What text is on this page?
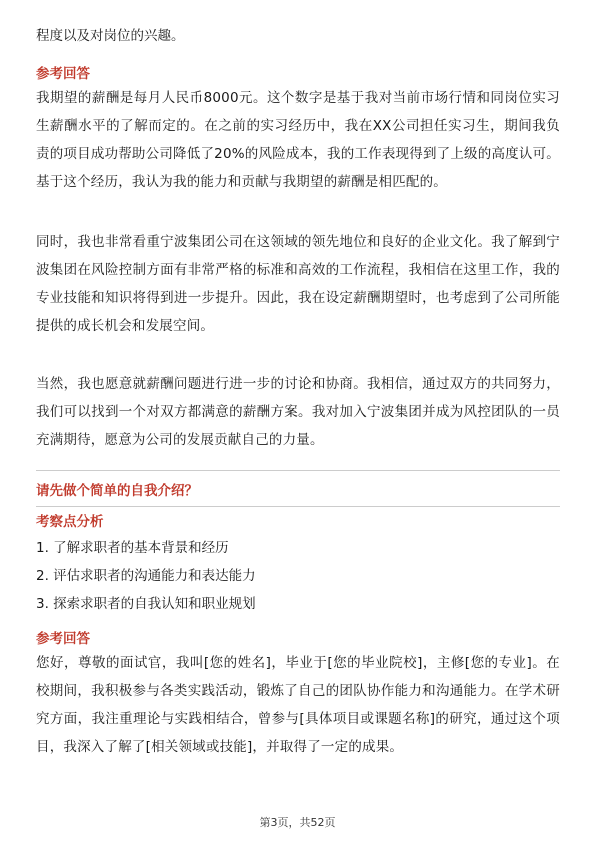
程度以及对岗位的兴趣。
参考回答

我期望的薪酬是每月人民币8000元。这个数字是基于我对当前市场行情和同岗位实习生薪酬水平的了解而定的。在之前的实习经历中，我在XX公司担任实习生，期间我负责的项目成功帮助公司降低了20%的风险成本，我的工作表现得到了上级的高度认可。基于这个经历，我认为我的能力和贡献与我期望的薪酬是相匹配的。

同时，我也非常看重宁波集团公司在这领域的领先地位和良好的企业文化。我了解到宁波集团在风险控制方面有非常严格的标准和高效的工作流程，我相信在这里工作，我的专业技能和知识将得到进一步提升。因此，我在设定薪酬期望时，也考虑到了公司所能提供的成长机会和发展空间。

当然，我也愿意就薪酬问题进行进一步的讨论和协商。我相信，通过双方的共同努力，我们可以找到一个对双方都满意的薪酬方案。我对加入宁波集团并成为风控团队的一员充满期待，愿意为公司的发展贡献自己的力量。

请先做个简单的自我介绍？
考察点分析
1. 了解求职者的基本背景和经历
2. 评估求职者的沟通能力和表达能力
3. 探索求职者的自我认知和职业规划
参考回答

您好，尊敬的面试官，我叫[您的姓名]，毕业于[您的毕业院校]，主修[您的专业]。在校期间，我积极参与各类实践活动，锻炼了自己的团队协作能力和沟通能力。在学术研究方面，我注重理论与实践相结合，曾参与[具体项目或课题名称]的研究，通过这个项目，我深入了解了[相关领域或技能]，并取得了一定的成果。

第3页，共52页
